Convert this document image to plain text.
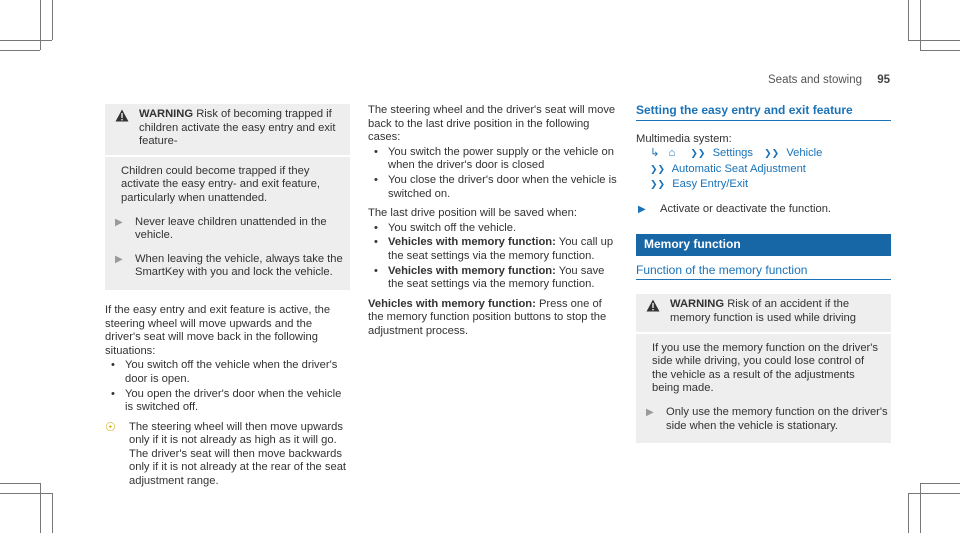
Seats and stowing 95

WARNING Risk of becoming trapped if children activate the easy entry and exit feature-

Children could become trapped if they activate the easy entry- and exit feature, particularly when unattended.

▶	Never leave children unattended in the vehicle.
▶	When leaving the vehicle, always take the SmartKey with you and lock the vehicle.

If the easy entry and exit feature is active, the steering wheel will move upwards and the driver's seat will move back in the following situations:

• You switch off the vehicle when the driver's door is open.
• You open the driver's door when the vehicle is switched off.
☉	The steering wheel will then move upwards only if it is not already as high as it will go. The driver's seat will then move backwards only if it is not already at the rear of the seat adjustment range.

The steering wheel and the driver's seat will move back to the last drive position in the following cases:

• You switch the power supply or the vehicle on when the driver's door is closed
• You close the driver's door when the vehicle is switched on.

The last drive position will be saved when:

• You switch off the vehicle.
• Vehicles with memory function: You call up the seat settings via the memory function.
• Vehicles with memory function: You save the seat settings via the memory function.

Vehicles with memory function: Press one of the memory function position buttons to stop the adjustment process.

Setting the easy entry and exit feature

Multimedia system:

↳ ⌂ ❯❯ Settings ❯❯ Vehicle
❯❯ Automatic Seat Adjustment
❯❯ Easy Entry/Exit
▶	Activate or deactivate the function.
Memory function
Function of the memory function

WARNING Risk of an accident if the memory function is used while driving

If you use the memory function on the driver's side while driving, you could lose control of the vehicle as a result of the adjustments being made.

▶	Only use the memory function on the driver's side when the vehicle is stationary.
